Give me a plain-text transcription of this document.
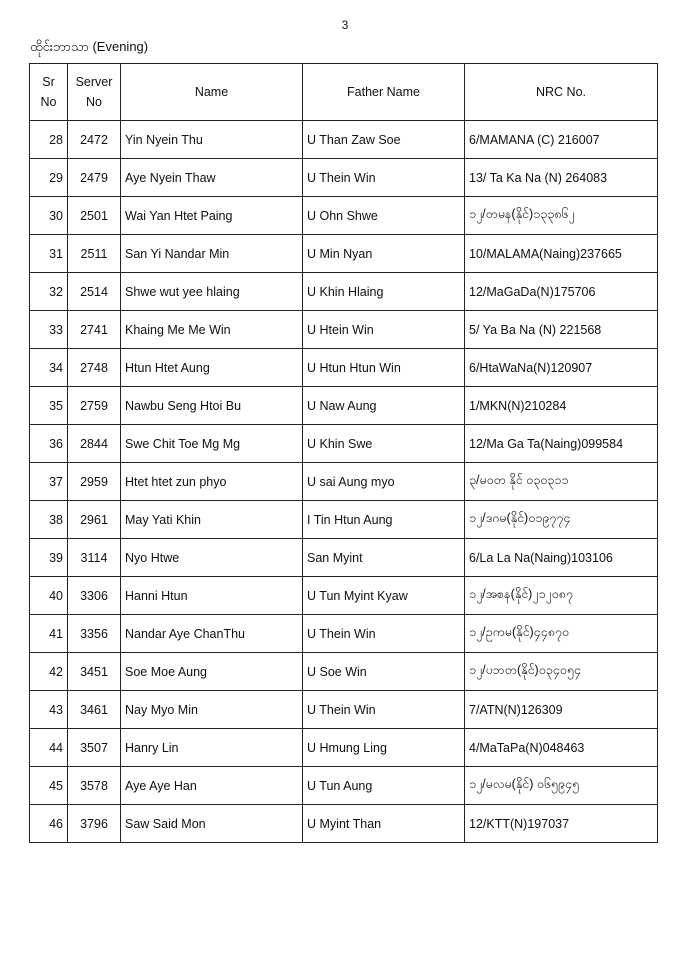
3
ထိုင်းဘာသာ (Evening)
Sr No	Server No	Name	Father Name	NRC No.
28	2472	Yin Nyein Thu	U Than Zaw Soe	6/MAMANA (C) 216007
29	2479	Aye Nyein Thaw	U Thein Win	13/ Ta Ka Na (N) 264083
30	2501	Wai Yan Htet Paing	U Ohn Shwe	၁၂/တမန(နိုင်)၁၃၃၈၆၂
31	2511	San Yi Nandar Min	U Min Nyan	10/MALAMA(Naing)237665
32	2514	Shwe wut yee hlaing	U Khin Hlaing	12/MaGaDa(N)175706
33	2741	Khaing Me Me Win	U Htein Win	5/ Ya Ba Na (N) 221568
34	2748	Htun Htet Aung	U Htun Htun Win	6/HtaWaNa(N)120907
35	2759	Nawbu Seng Htoi Bu	U Naw Aung	1/MKN(N)210284
36	2844	Swe Chit Toe Mg Mg	U Khin Swe	12/Ma Ga Ta(Naing)099584
37	2959	Htet htet zun phyo	U sai Aung myo	၃/မဝတ နိုင် ၀၃၀၃၁၁
38	2961	May Yati Khin	I Tin Htun Aung	၁၂/ဒဂမ(နိုင်)၀၁၉၇၇၄
39	3114	Nyo Htwe	San Myint	6/La La Na(Naing)103106
40	3306	Hanni Htun	U Tun Myint Kyaw	၁၂/အစန(နိုင်)၂၁၂၀၈၇
41	3356	Nandar Aye ChanThu	U Thein Win	၁၂/ဥကမ(နိုင်)၄၄၈၇၀
42	3451	Soe Moe Aung	U Soe Win	၁၂/ပဘတ(နိုင်)၀၃၄၀၅၄
43	3461	Nay Myo Min	U Thein Win	7/ATN(N)126309
44	3507	Hanry Lin	U Hmung Ling	4/MaTaPa(N)048463
45	3578	Aye Aye Han	U Tun Aung	၁၂/မလမ(နိုင်) ၀၆၅၉၄၅
46	3796	Saw Said Mon	U Myint Than	12/KTT(N)197037
